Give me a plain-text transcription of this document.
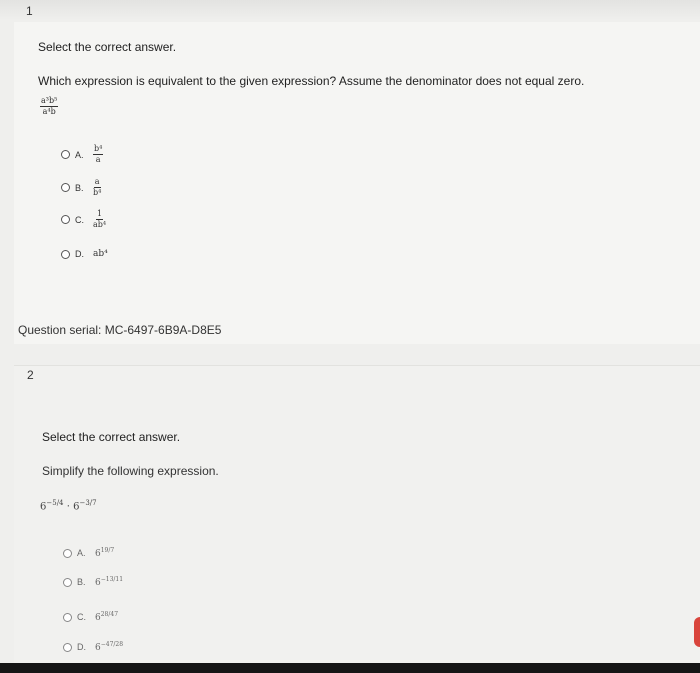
1
Select the correct answer.
Which expression is equivalent to the given expression? Assume the denominator does not equal zero.
$\frac{\text{a³b⁵}}{\text{a⁴b}}$
A.	$\frac{\text{b⁴}}{a}$
B.	$\frac{a}{\text{b⁴}}$
C.	$\frac{1}{\text{ab⁴}}$
D.	ab⁴
Question serial: MC-6497-6B9A-D8E5
2
Select the correct answer.
Simplify the following expression.
$6^{-5/4} \cdot 6^{-3/7}$
A.	$6^{19/7}$
B.	$6^{-13/11}$
C.	$6^{28/47}$
D.	$6^{-47/28}$
